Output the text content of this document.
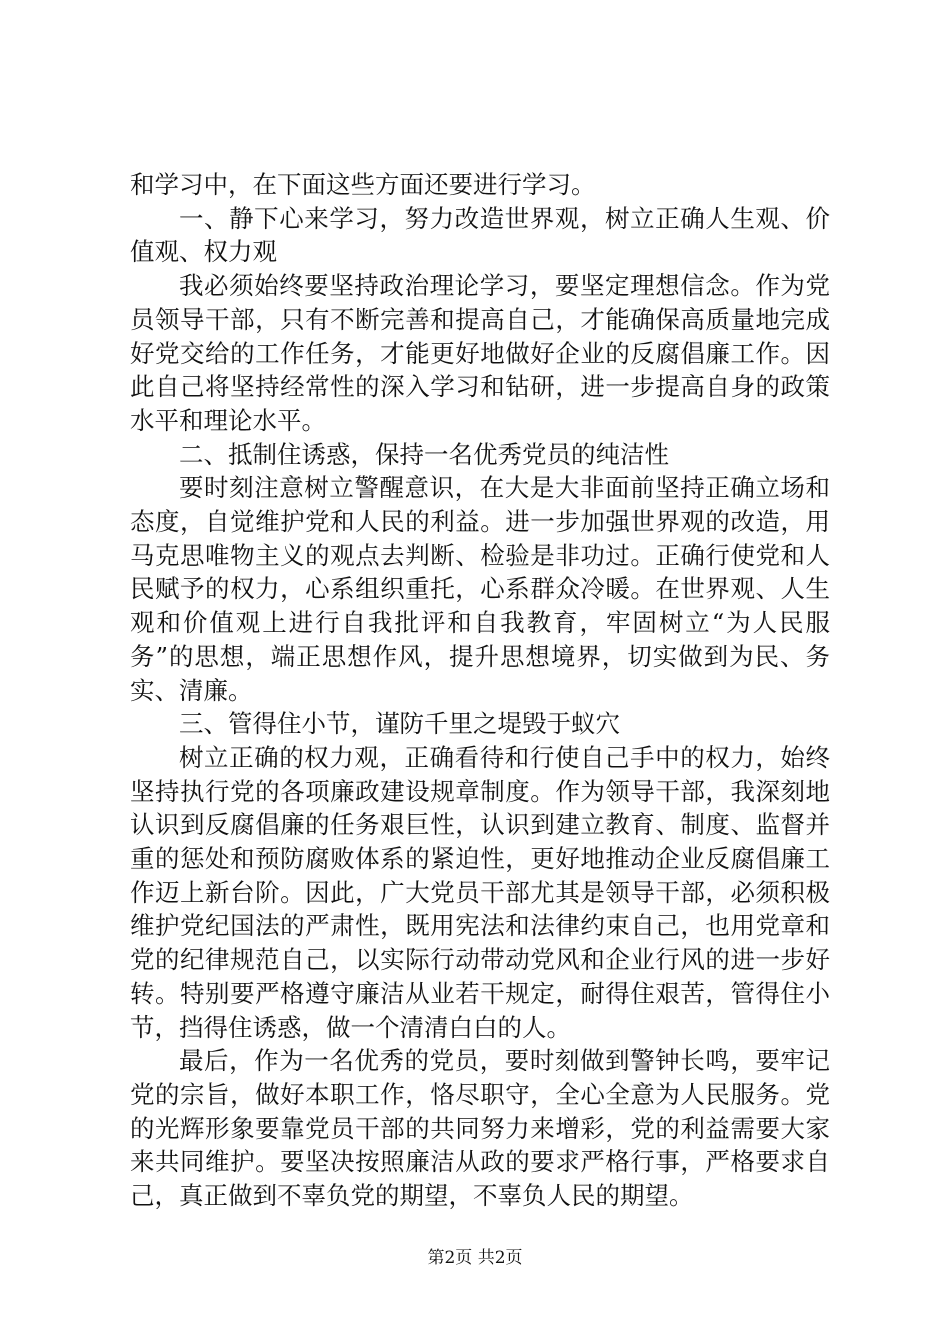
和学习中，在下面这些方面还要进行学习。

一、静下心来学习，努力改造世界观，树立正确人生观、价值观、权力观

我必须始终要坚持政治理论学习，要坚定理想信念。作为党员领导干部，只有不断完善和提高自己，才能确保高质量地完成好党交给的工作任务，才能更好地做好企业的反腐倡廉工作。因此自己将坚持经常性的深入学习和钻研，进一步提高自身的政策水平和理论水平。

二、抵制住诱惑，保持一名优秀党员的纯洁性

要时刻注意树立警醒意识，在大是大非面前坚持正确立场和态度，自觉维护党和人民的利益。进一步加强世界观的改造，用马克思唯物主义的观点去判断、检验是非功过。正确行使党和人民赋予的权力，心系组织重托，心系群众冷暖。在世界观、人生观和价值观上进行自我批评和自我教育，牢固树立“为人民服务”的思想，端正思想作风，提升思想境界，切实做到为民、务实、清廉。

三、管得住小节，谨防千里之堤毁于蚁穴

树立正确的权力观，正确看待和行使自己手中的权力，始终坚持执行党的各项廉政建设规章制度。作为领导干部，我深刻地认识到反腐倡廉的任务艰巨性，认识到建立教育、制度、监督并重的惩处和预防腐败体系的紧迫性，更好地推动企业反腐倡廉工作迈上新台阶。因此，广大党员干部尤其是领导干部，必须积极维护党纪国法的严肃性，既用宪法和法律约束自己，也用党章和党的纪律规范自己，以实际行动带动党风和企业行风的进一步好转。特别要严格遵守廉洁从业若干规定，耐得住艰苦，管得住小节，挡得住诱惑，做一个清清白白的人。

最后，作为一名优秀的党员，要时刻做到警钟长鸣，要牢记党的宗旨，做好本职工作，恪尽职守，全心全意为人民服务。党的光辉形象要靠党员干部的共同努力来增彩，党的利益需要大家来共同维护。要坚决按照廉洁从政的要求严格行事，严格要求自己，真正做到不辜负党的期望，不辜负人民的期望。

第2页 共2页
